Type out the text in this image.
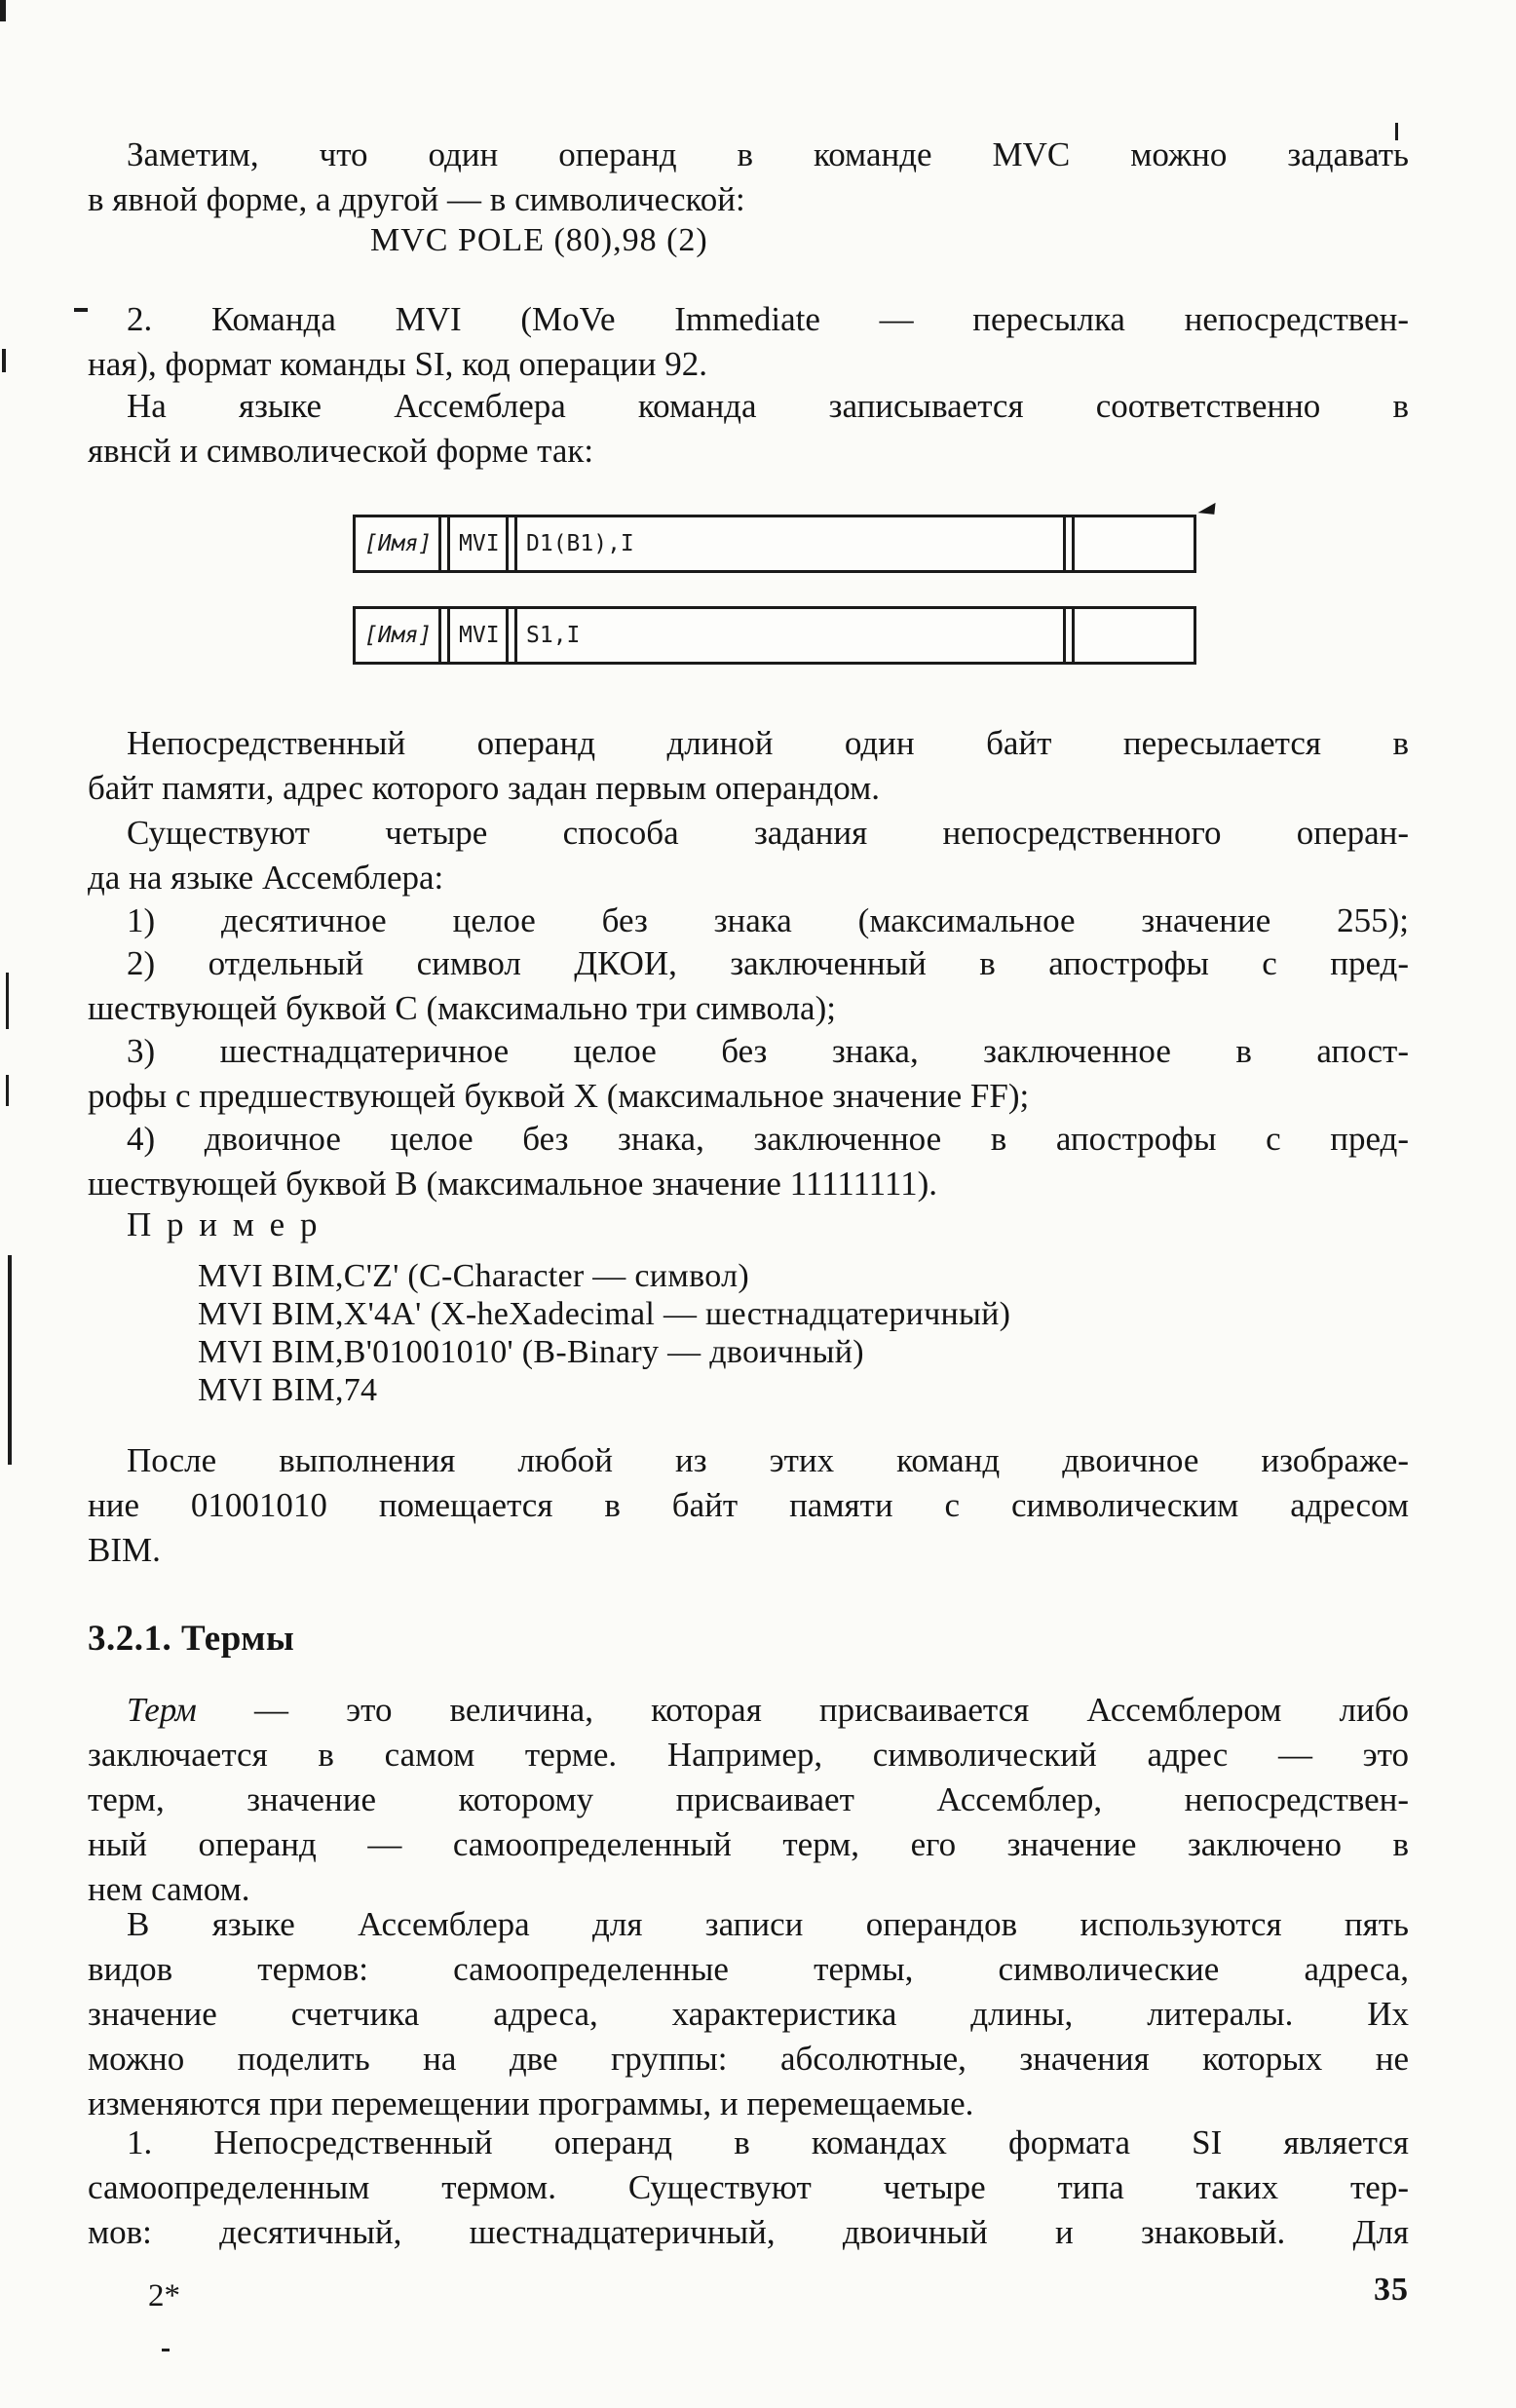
Заметим, что один операнд в команде MVC можно задавать
в явной форме, а другой — в символической:
MVC POLE (80),98 (2)
2. Команда MVI (MoVe Immediate — пересылка непосредствен-
ная), формат команды SI, код операции 92.
На языке Ассемблера команда записывается соответственно в
явнсй и символической форме так:
[Имя]	MVI	D1(B1),I
[Имя]	MVI	S1,I
Непосредственный операнд длиной один байт пересылается в
байт памяти, адрес которого задан первым операндом.
Существуют четыре способа задания непосредственного операн-
да на языке Ассемблера:
1) десятичное целое без знака (максимальное значение 255);
2) отдельный символ ДКОИ, заключенный в апострофы с пред-
шествующей буквой С (максимально три символа);
3) шестнадцатеричное целое без знака, заключенное в апост-
рофы с предшествующей буквой X (максимальное значение FF);
4) двоичное целое без знака, заключенное в апострофы с пред-
шествующей буквой В (максимальное значение 11111111).
Пример
MVI BIM,C'Z' (C-Character — символ)
MVI BIM,X'4A' (X-heXadecimal — шестнадцатеричный)
MVI BIM,B'01001010' (B-Binary — двоичный)
MVI BIM,74
После выполнения любой из этих команд двоичное изображе-
ние 01001010 помещается в байт памяти с символическим адресом
BIM.
3.2.1. Термы
Терм — это величина, которая присваивается Ассемблером либо
заключается в самом терме. Например, символический адрес — это
терм, значение которому присваивает Ассемблер, непосредствен-
ный операнд — самоопределенный терм, его значение заключено в
нем самом.
В языке Ассемблера для записи операндов используются пять
видов термов: самоопределенные термы, символические адреса,
значение счетчика адреса, характеристика длины, литералы. Их
можно поделить на две группы: абсолютные, значения которых не
изменяются при перемещении программы, и перемещаемые.
1. Непосредственный операнд в командах формата SI является
самоопределенным термом. Существуют четыре типа таких тер-
мов: десятичный, шестнадцатеричный, двоичный и знаковый. Для
2*	35
